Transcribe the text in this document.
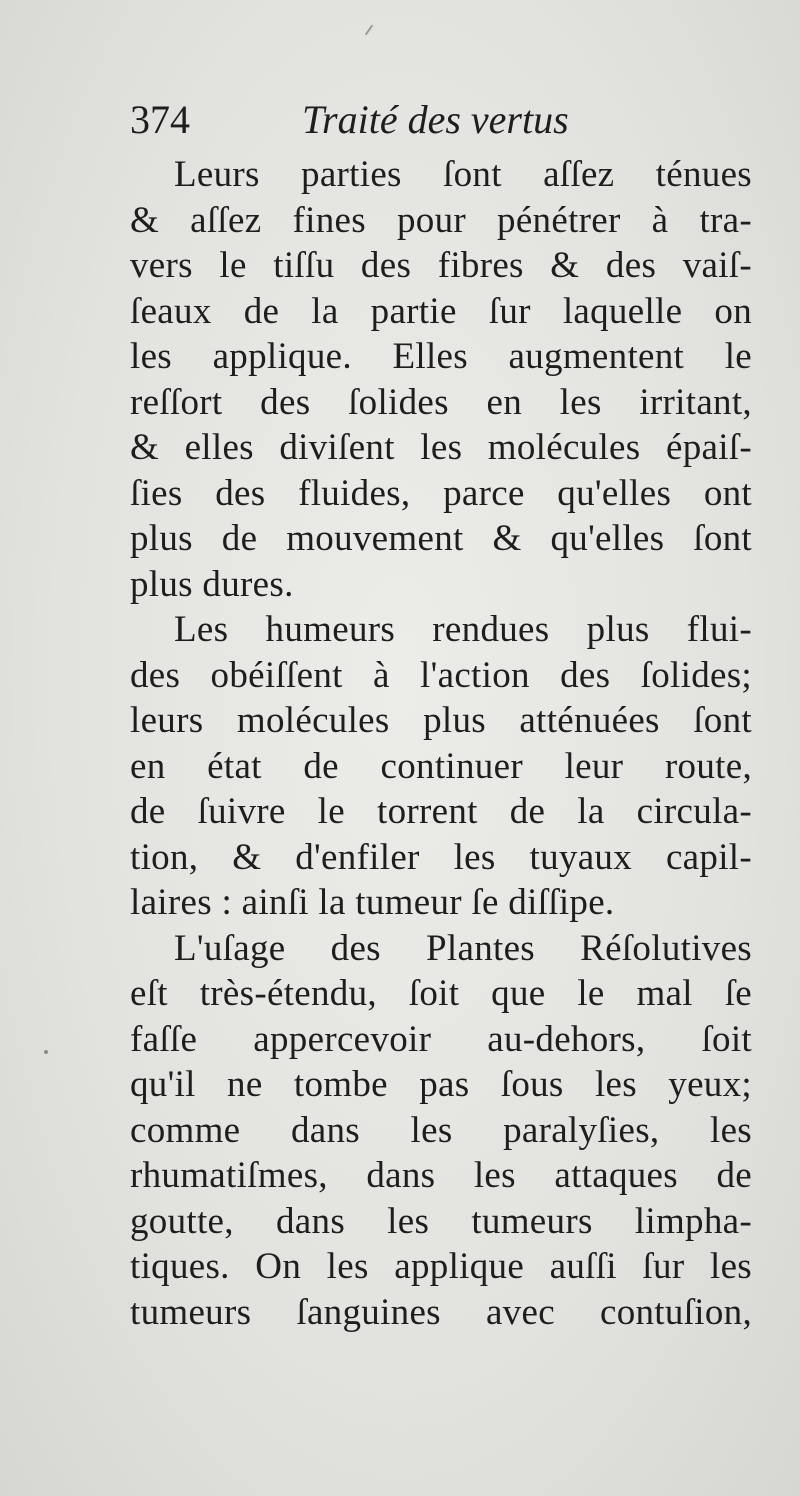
374	Traité des vertus
Leurs parties ſont aſſez ténues
& aſſez fines pour pénétrer à tra-
vers le tiſſu des fibres & des vaiſ-
ſeaux de la partie ſur laquelle on
les applique. Elles augmentent le
reſſort des ſolides en les irritant,
& elles diviſent les molécules épaiſ-
ſies des fluides, parce qu'elles ont
plus de mouvement & qu'elles ſont
plus dures.
Les humeurs rendues plus flui-
des obéiſſent à l'action des ſolides;
leurs molécules plus atténuées ſont
en état de continuer leur route,
de ſuivre le torrent de la circula-
tion, & d'enfiler les tuyaux capil-
laires : ainſi la tumeur ſe diſſipe.
L'uſage des Plantes Réſolutives
eſt très-étendu, ſoit que le mal ſe
faſſe appercevoir au-dehors, ſoit
qu'il ne tombe pas ſous les yeux;
comme dans les paralyſies, les
rhumatiſmes, dans les attaques de
goutte, dans les tumeurs limpha-
tiques. On les applique auſſi ſur les
tumeurs ſanguines avec contuſion,
